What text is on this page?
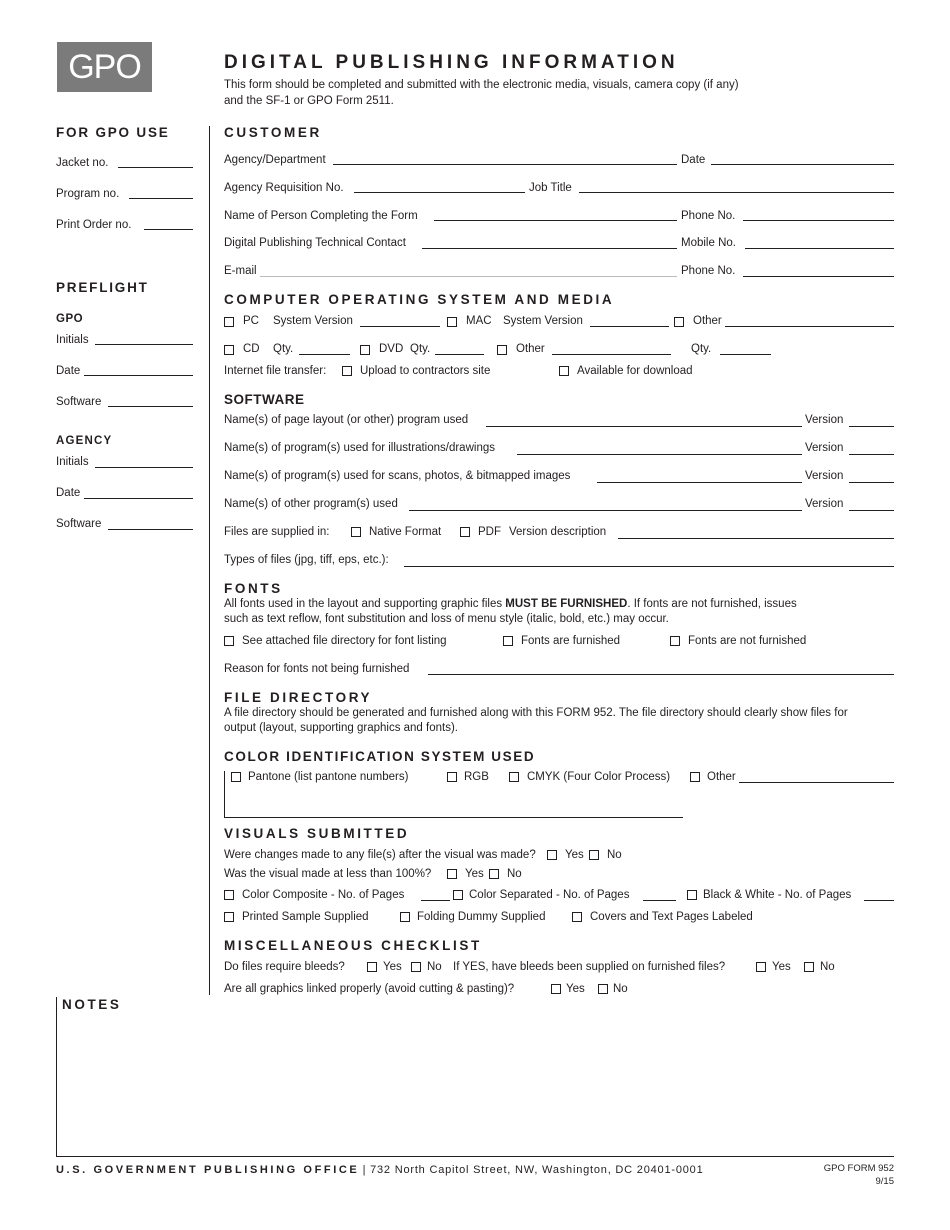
GPO	DIGITAL PUBLISHING INFORMATION
This form should be completed and submitted with the electronic media, visuals, camera copy (if any)
and the SF-1 or GPO Form 2511.
FOR GPO USE
Jacket no.
Program no.
Print Order no.
PREFLIGHT
GPO
Initials
Date
Software
AGENCY
Initials
Date
Software
CUSTOMER
Agency/Department	Date
Agency Requisition No.	Job Title
Name of Person Completing the Form	Phone No.
Digital Publishing Technical Contact	Mobile No.
E-mail	Phone No.
COMPUTER OPERATING SYSTEM AND MEDIA
PC System Version	MAC System Version	Other
CD Qty.	DVD Qty.	Other	Qty.
Internet file transfer:	Upload to contractors site	Available for download
SOFTWARE
Name(s) of page layout (or other) program used	Version
Name(s) of program(s) used for illustrations/drawings	Version
Name(s) of program(s) used for scans, photos, & bitmapped images	Version
Name(s) of other program(s) used	Version
Files are supplied in:	Native Format	PDF Version description
Types of files (jpg, tiff, eps, etc.):
FONTS
All fonts used in the layout and supporting graphic files MUST BE FURNISHED. If fonts are not furnished, issues
such as text reflow, font substitution and loss of menu style (italic, bold, etc.) may occur.
See attached file directory for font listing	Fonts are furnished	Fonts are not furnished
Reason for fonts not being furnished
FILE DIRECTORY
A file directory should be generated and furnished along with this FORM 952. The file directory should clearly show files for
output (layout, supporting graphics and fonts).
COLOR IDENTIFICATION SYSTEM USED
Pantone (list pantone numbers)	RGB	CMYK (Four Color Process)	Other
VISUALS SUBMITTED
Were changes made to any file(s) after the visual was made?	Yes No
Was the visual made at less than 100%?	Yes No
Color Composite - No. of Pages	Color Separated - No. of Pages	Black & White - No. of Pages
Printed Sample Supplied	Folding Dummy Supplied	Covers and Text Pages Labeled
MISCELLANEOUS CHECKLIST
Do files require bleeds?	Yes No If YES, have bleeds been supplied on furnished files?	Yes	No
Are all graphics linked properly (avoid cutting & pasting)?	Yes No
NOTES
U.S. GOVERNMENT PUBLISHING OFFICE | 732 North Capitol Street, NW, Washington, DC 20401-0001	GPO FORM 952
9/15
